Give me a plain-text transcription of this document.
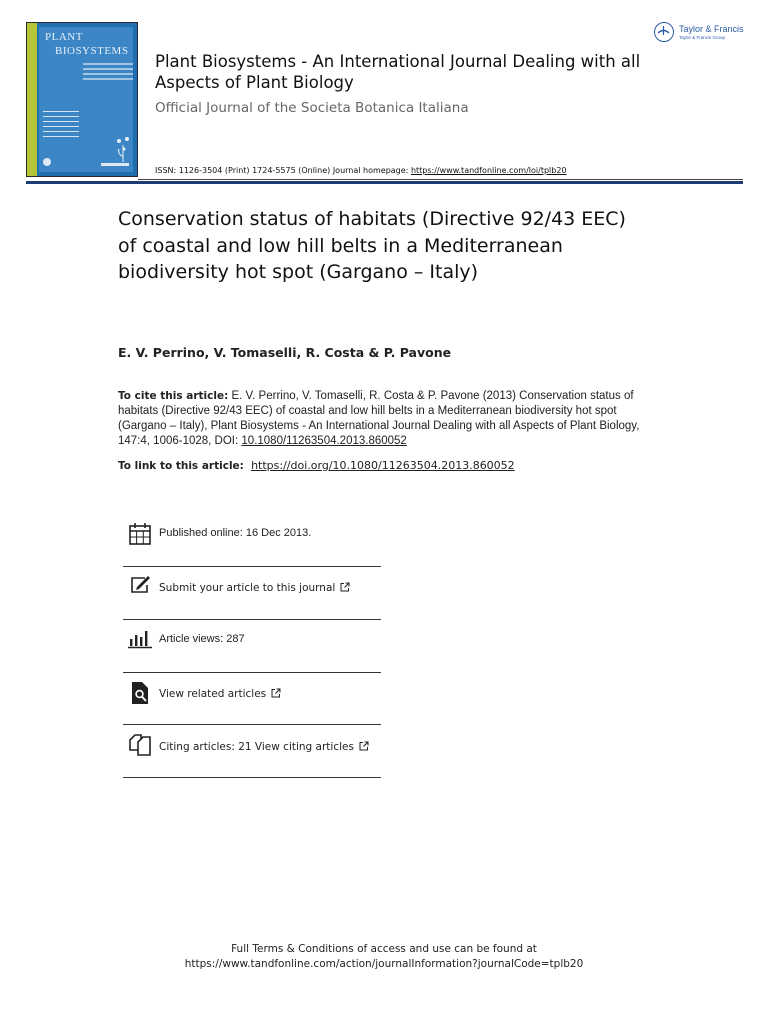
PLANT
BIOSYSTEMS
Plant Biosystems - An International Journal Dealing with all Aspects of Plant Biology
Official Journal of the Societa Botanica Italiana
ISSN: 1126-3504 (Print) 1724-5575 (Online) Journal homepage: https://www.tandfonline.com/loi/tplb20
Taylor & Francis
Taylor & Francis Group
Conservation status of habitats (Directive 92/43 EEC) of coastal and low hill belts in a Mediterranean biodiversity hot spot (Gargano – Italy)
E. V. Perrino, V. Tomaselli, R. Costa & P. Pavone
To cite this article: E. V. Perrino, V. Tomaselli, R. Costa & P. Pavone (2013) Conservation status of habitats (Directive 92/43 EEC) of coastal and low hill belts in a Mediterranean biodiversity hot spot (Gargano – Italy), Plant Biosystems - An International Journal Dealing with all Aspects of Plant Biology, 147:4, 1006-1028, DOI: 10.1080/11263504.2013.860052
To link to this article: https://doi.org/10.1080/11263504.2013.860052
Published online: 16 Dec 2013.
Submit your article to this journal
Article views: 287
View related articles
Citing articles: 21 View citing articles
Full Terms & Conditions of access and use can be found at
https://www.tandfonline.com/action/journalInformation?journalCode=tplb20
